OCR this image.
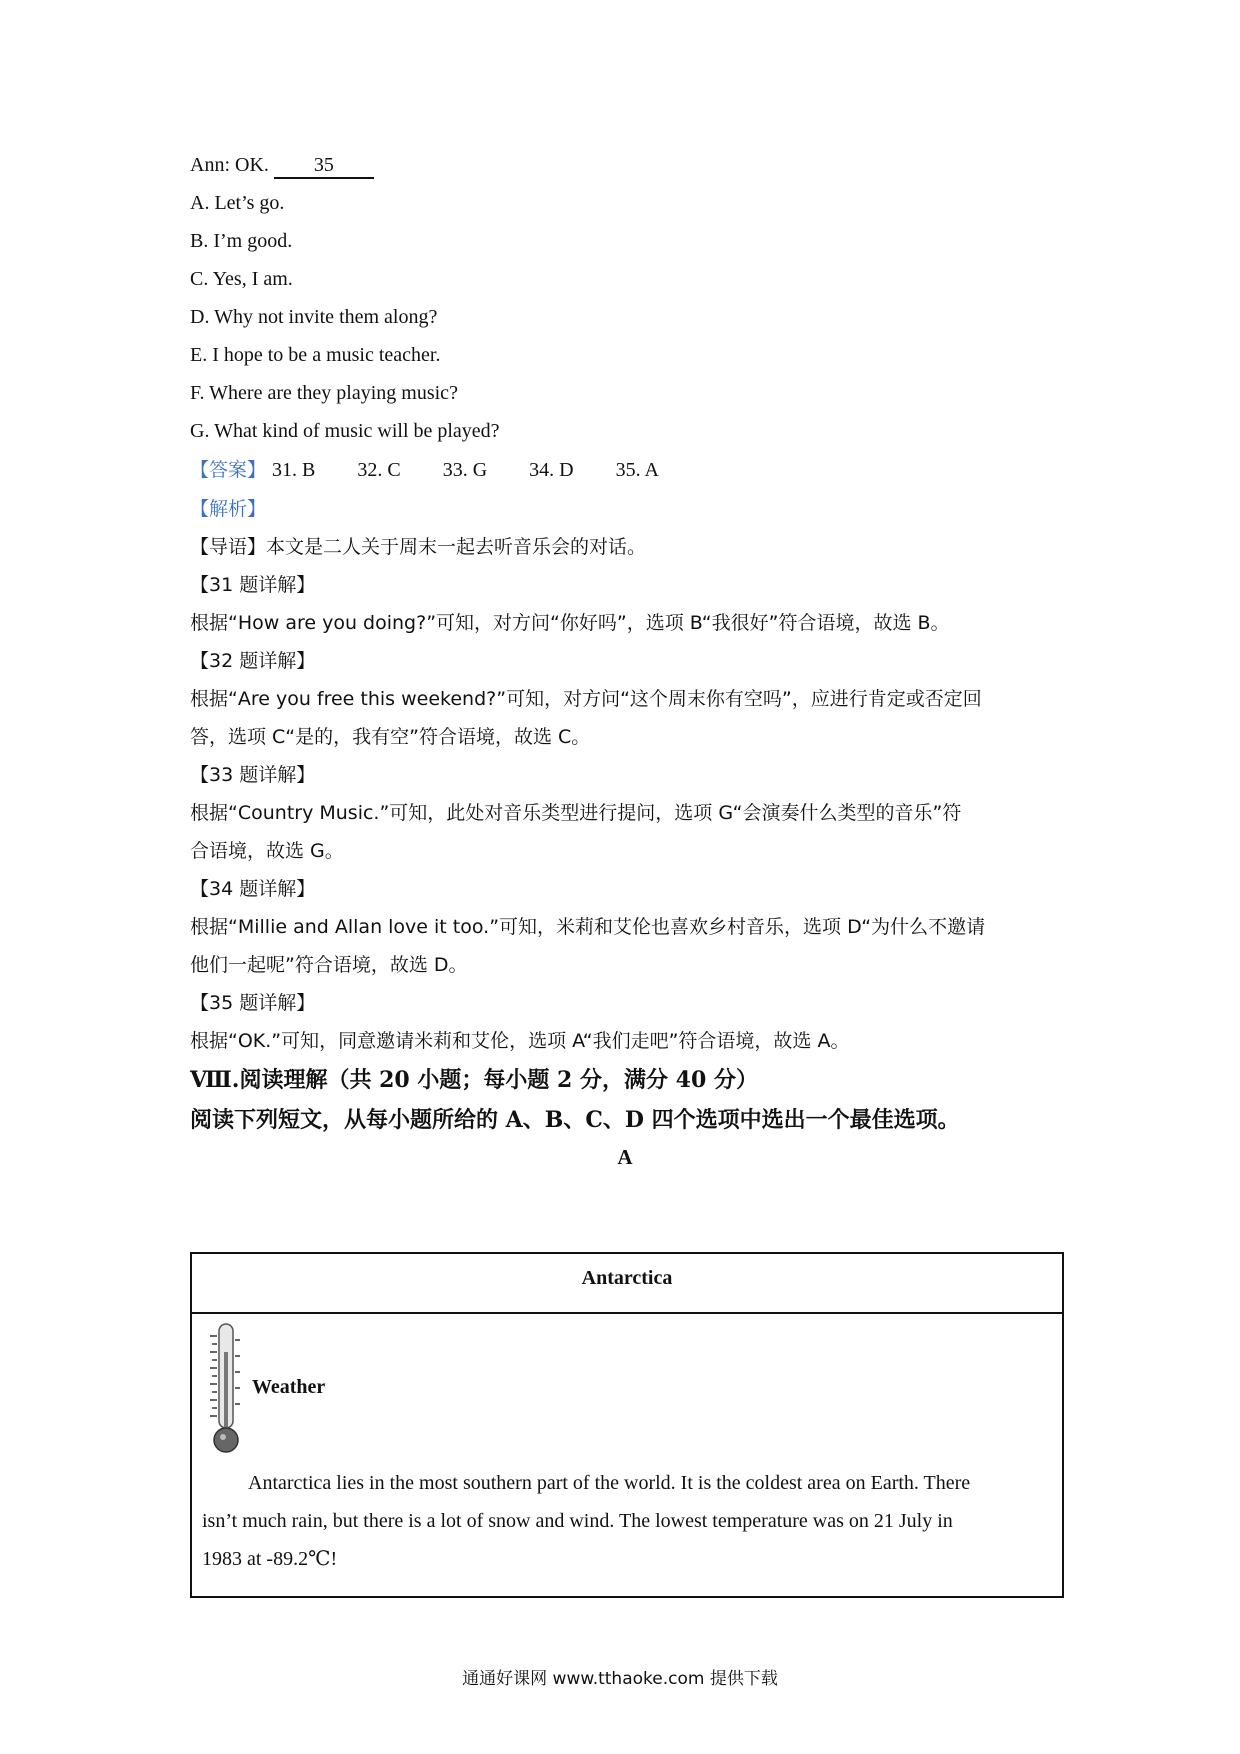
Ann: OK. 35
A. Let’s go.
B. I’m good.
C. Yes, I am.
D. Why not invite them along?
E. I hope to be a music teacher.
F. Where are they playing music?
G. What kind of music will be played?
【答案】 31. B 32. C 33. G 34. D 35. A
【解析】
【导语】本文是二人关于周末一起去听音乐会的对话。
【31 题详解】
根据“How are you doing?”可知，对方问“你好吗”，选项 B“我很好”符合语境，故选 B。
【32 题详解】
根据“Are you free this weekend?”可知，对方问“这个周末你有空吗”，应进行肯定或否定回
答，选项 C“是的，我有空”符合语境，故选 C。
【33 题详解】
根据“Country Music.”可知，此处对音乐类型进行提问，选项 G“会演奏什么类型的音乐”符
合语境，故选 G。
【34 题详解】
根据“Millie and Allan love it too.”可知，米莉和艾伦也喜欢乡村音乐，选项 D“为什么不邀请
他们一起呢”符合语境，故选 D。
【35 题详解】
根据“OK.”可知，同意邀请米莉和艾伦，选项 A“我们走吧”符合语境，故选 A。
Ⅷ.阅读理解（共 20 小题；每小题 2 分，满分 40 分）
阅读下列短文，从每小题所给的 A、B、C、D 四个选项中选出一个最佳选项。
A
Antarctica
Weather
Antarctica lies in the most southern part of the world. It is the coldest area on Earth. There
isn’t much rain, but there is a lot of snow and wind. The lowest temperature was on 21 July in
1983 at -89.2℃!
通通好课网 www.tthaoke.com 提供下载
